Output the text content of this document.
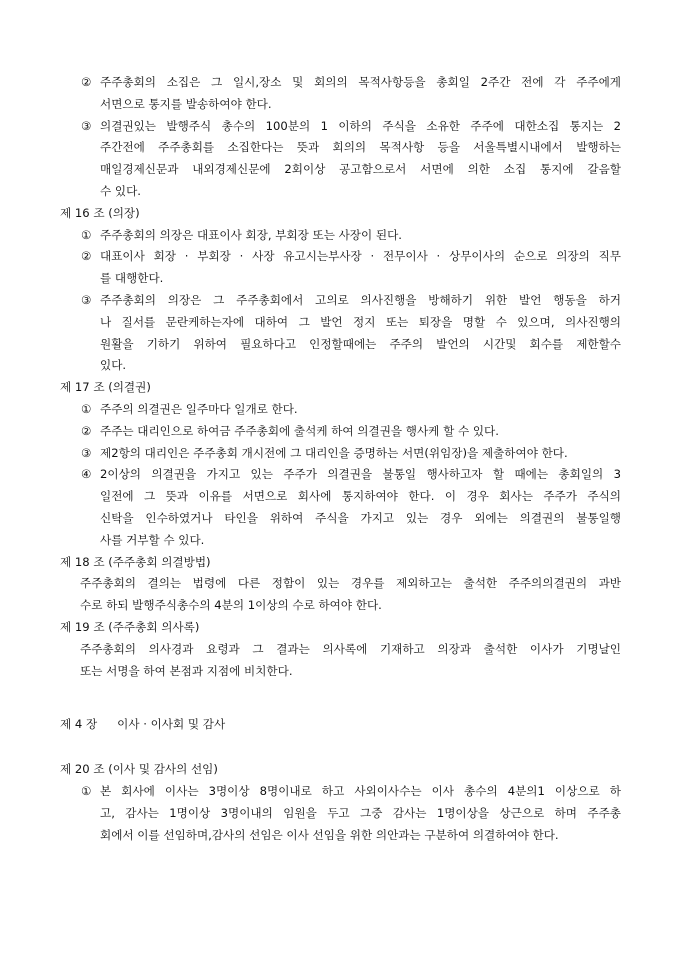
② 주주총회의 소집은 그 일시,장소 및 회의의 목적사항등을 총회일 2주간 전에 각 주주에게
서면으로 통지를 발송하여야 한다.
③ 의결권있는 발행주식 총수의 100분의 1 이하의 주식을 소유한 주주에 대한소집 통지는 2
주간전에 주주총회를 소집한다는 뜻과 회의의 목적사항 등을 서울특별시내에서 발행하는
매일경제신문과 내외경제신문에 2회이상 공고함으로서 서면에 의한 소집 통지에 갈음할
수 있다.
제 16 조 (의장)
① 주주총회의 의장은 대표이사 회장, 부회장 또는 사장이 된다.
② 대표이사 회장 · 부회장 · 사장 유고시는부사장 · 전무이사 · 상무이사의 순으로 의장의 직무
를 대행한다.
③ 주주총회의 의장은 그 주주총회에서 고의로 의사진행을 방해하기 위한 발언 행동을 하거
나 질서를 문란케하는자에 대하여 그 발언 정지 또는 퇴장을 명할 수 있으며, 의사진행의
원활을 기하기 위하여 필요하다고 인정할때에는 주주의 발언의 시간및 회수를 제한할수
있다.
제 17 조 (의결권)
① 주주의 의결권은 일주마다 일개로 한다.
② 주주는 대리인으로 하여금 주주총회에 출석케 하여 의결권을 행사케 할 수 있다.
③ 제2항의 대리인은 주주총회 개시전에 그 대리인을 증명하는 서면(위임장)을 제출하여야 한다.
④ 2이상의 의결권을 가지고 있는 주주가 의결권을 불통일 행사하고자 할 때에는 총회일의 3
일전에 그 뜻과 이유를 서면으로 회사에 통지하여야 한다. 이 경우 회사는 주주가 주식의
신탁을 인수하였거나 타인을 위하여 주식을 가지고 있는 경우 외에는 의결권의 불통일행
사를 거부할 수 있다.
제 18 조 (주주총회 의결방법)
주주총회의 결의는 법령에 다른 정함이 있는 경우를 제외하고는 출석한 주주의의결권의 과반
수로 하되 발행주식총수의 4분의 1이상의 수로 하여야 한다.
제 19 조 (주주총회 의사록)
주주총회의 의사경과 요령과 그 결과는 의사록에 기재하고 의장과 출석한 이사가 기명날인
또는 서명을 하여 본점과 지점에 비치한다.
제 4 장 이사 · 이사회 및 감사
제 20 조 (이사 및 감사의 선임)
① 본 회사에 이사는 3명이상 8명이내로 하고 사외이사수는 이사 총수의 4분의1 이상으로 하
고, 감사는 1명이상 3명이내의 임원을 두고 그중 감사는 1명이상을 상근으로 하며 주주총
회에서 이를 선임하며,감사의 선임은 이사 선임을 위한 의안과는 구분하여 의결하여야 한다.
